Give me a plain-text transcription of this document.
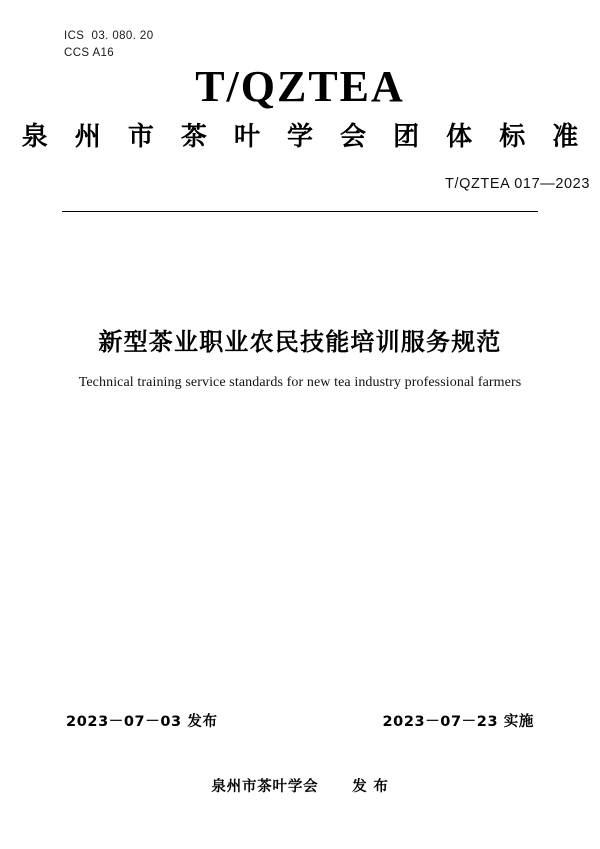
ICS  03. 080. 20
CCS A16
T/QZTEA
泉 州 市 茶 叶 学 会 团 体 标 准
T/QZTEA 017—2023
新型茶业职业农民技能培训服务规范
Technical training service standards for new tea industry professional farmers
2023－07－03 发布	2023－07－23 实施
泉州市茶叶学会 发 布
